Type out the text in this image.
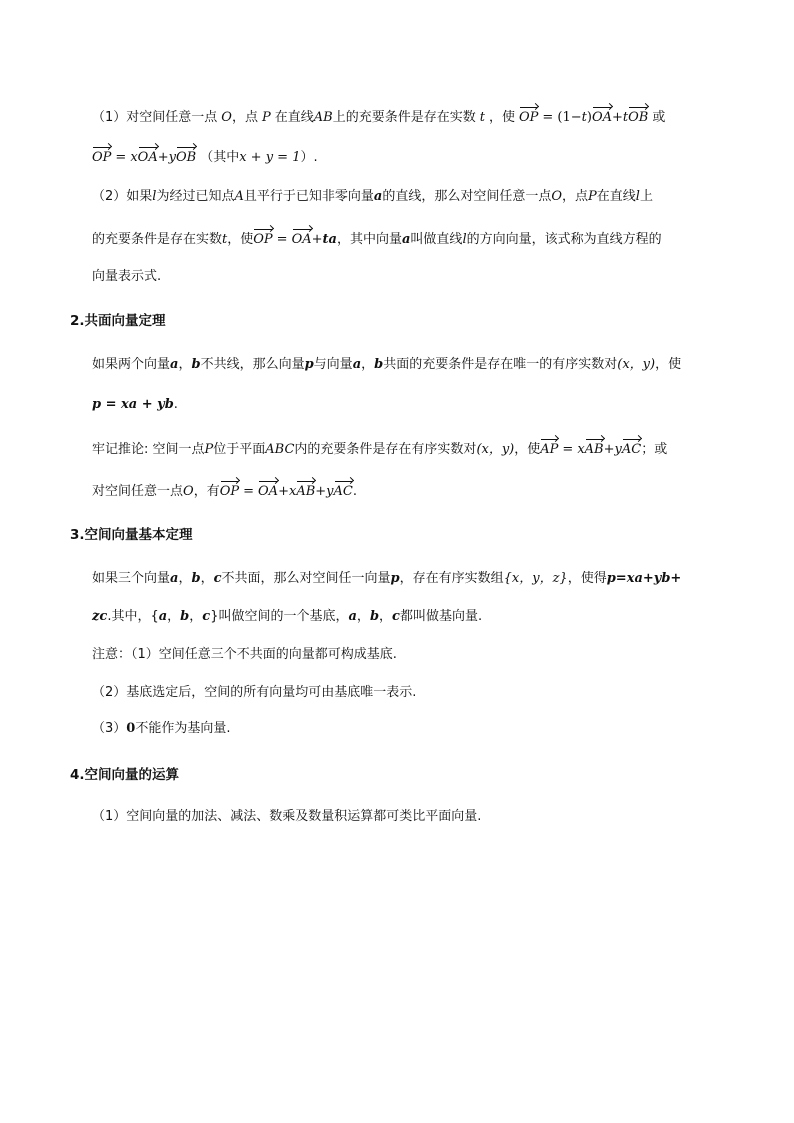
（1）对空间任意一点 O，点 P 在直线AB上的充要条件是存在实数 t ，使 OP = (1−t)OA+tOB 或
OP = xOA+yOB （其中x + y = 1）.
（2）如果l为经过已知点A且平行于已知非零向量a的直线，那么对空间任意一点O，点P在直线l上
的充要条件是存在实数t，使OP = OA+ta，其中向量a叫做直线l的方向向量，该式称为直线方程的
向量表示式.
2.共面向量定理
如果两个向量a，b不共线，那么向量p与向量a，b共面的充要条件是存在唯一的有序实数对(x，y)，使
p = xa + yb.
牢记推论: 空间一点P位于平面ABC内的充要条件是存在有序实数对(x，y)，使AP = xAB+yAC；或
对空间任意一点O，有OP = OA+xAB+yAC.
3.空间向量基本定理
如果三个向量a，b，c不共面，那么对空间任一向量p，存在有序实数组{x，y，z}，使得p=xa+yb+
zc.其中，{a，b，c}叫做空间的一个基底，a，b，c都叫做基向量.
注意：（1）空间任意三个不共面的向量都可构成基底.
（2）基底选定后，空间的所有向量均可由基底唯一表示.
（3）0不能作为基向量.
4.空间向量的运算
（1）空间向量的加法、减法、数乘及数量积运算都可类比平面向量.
